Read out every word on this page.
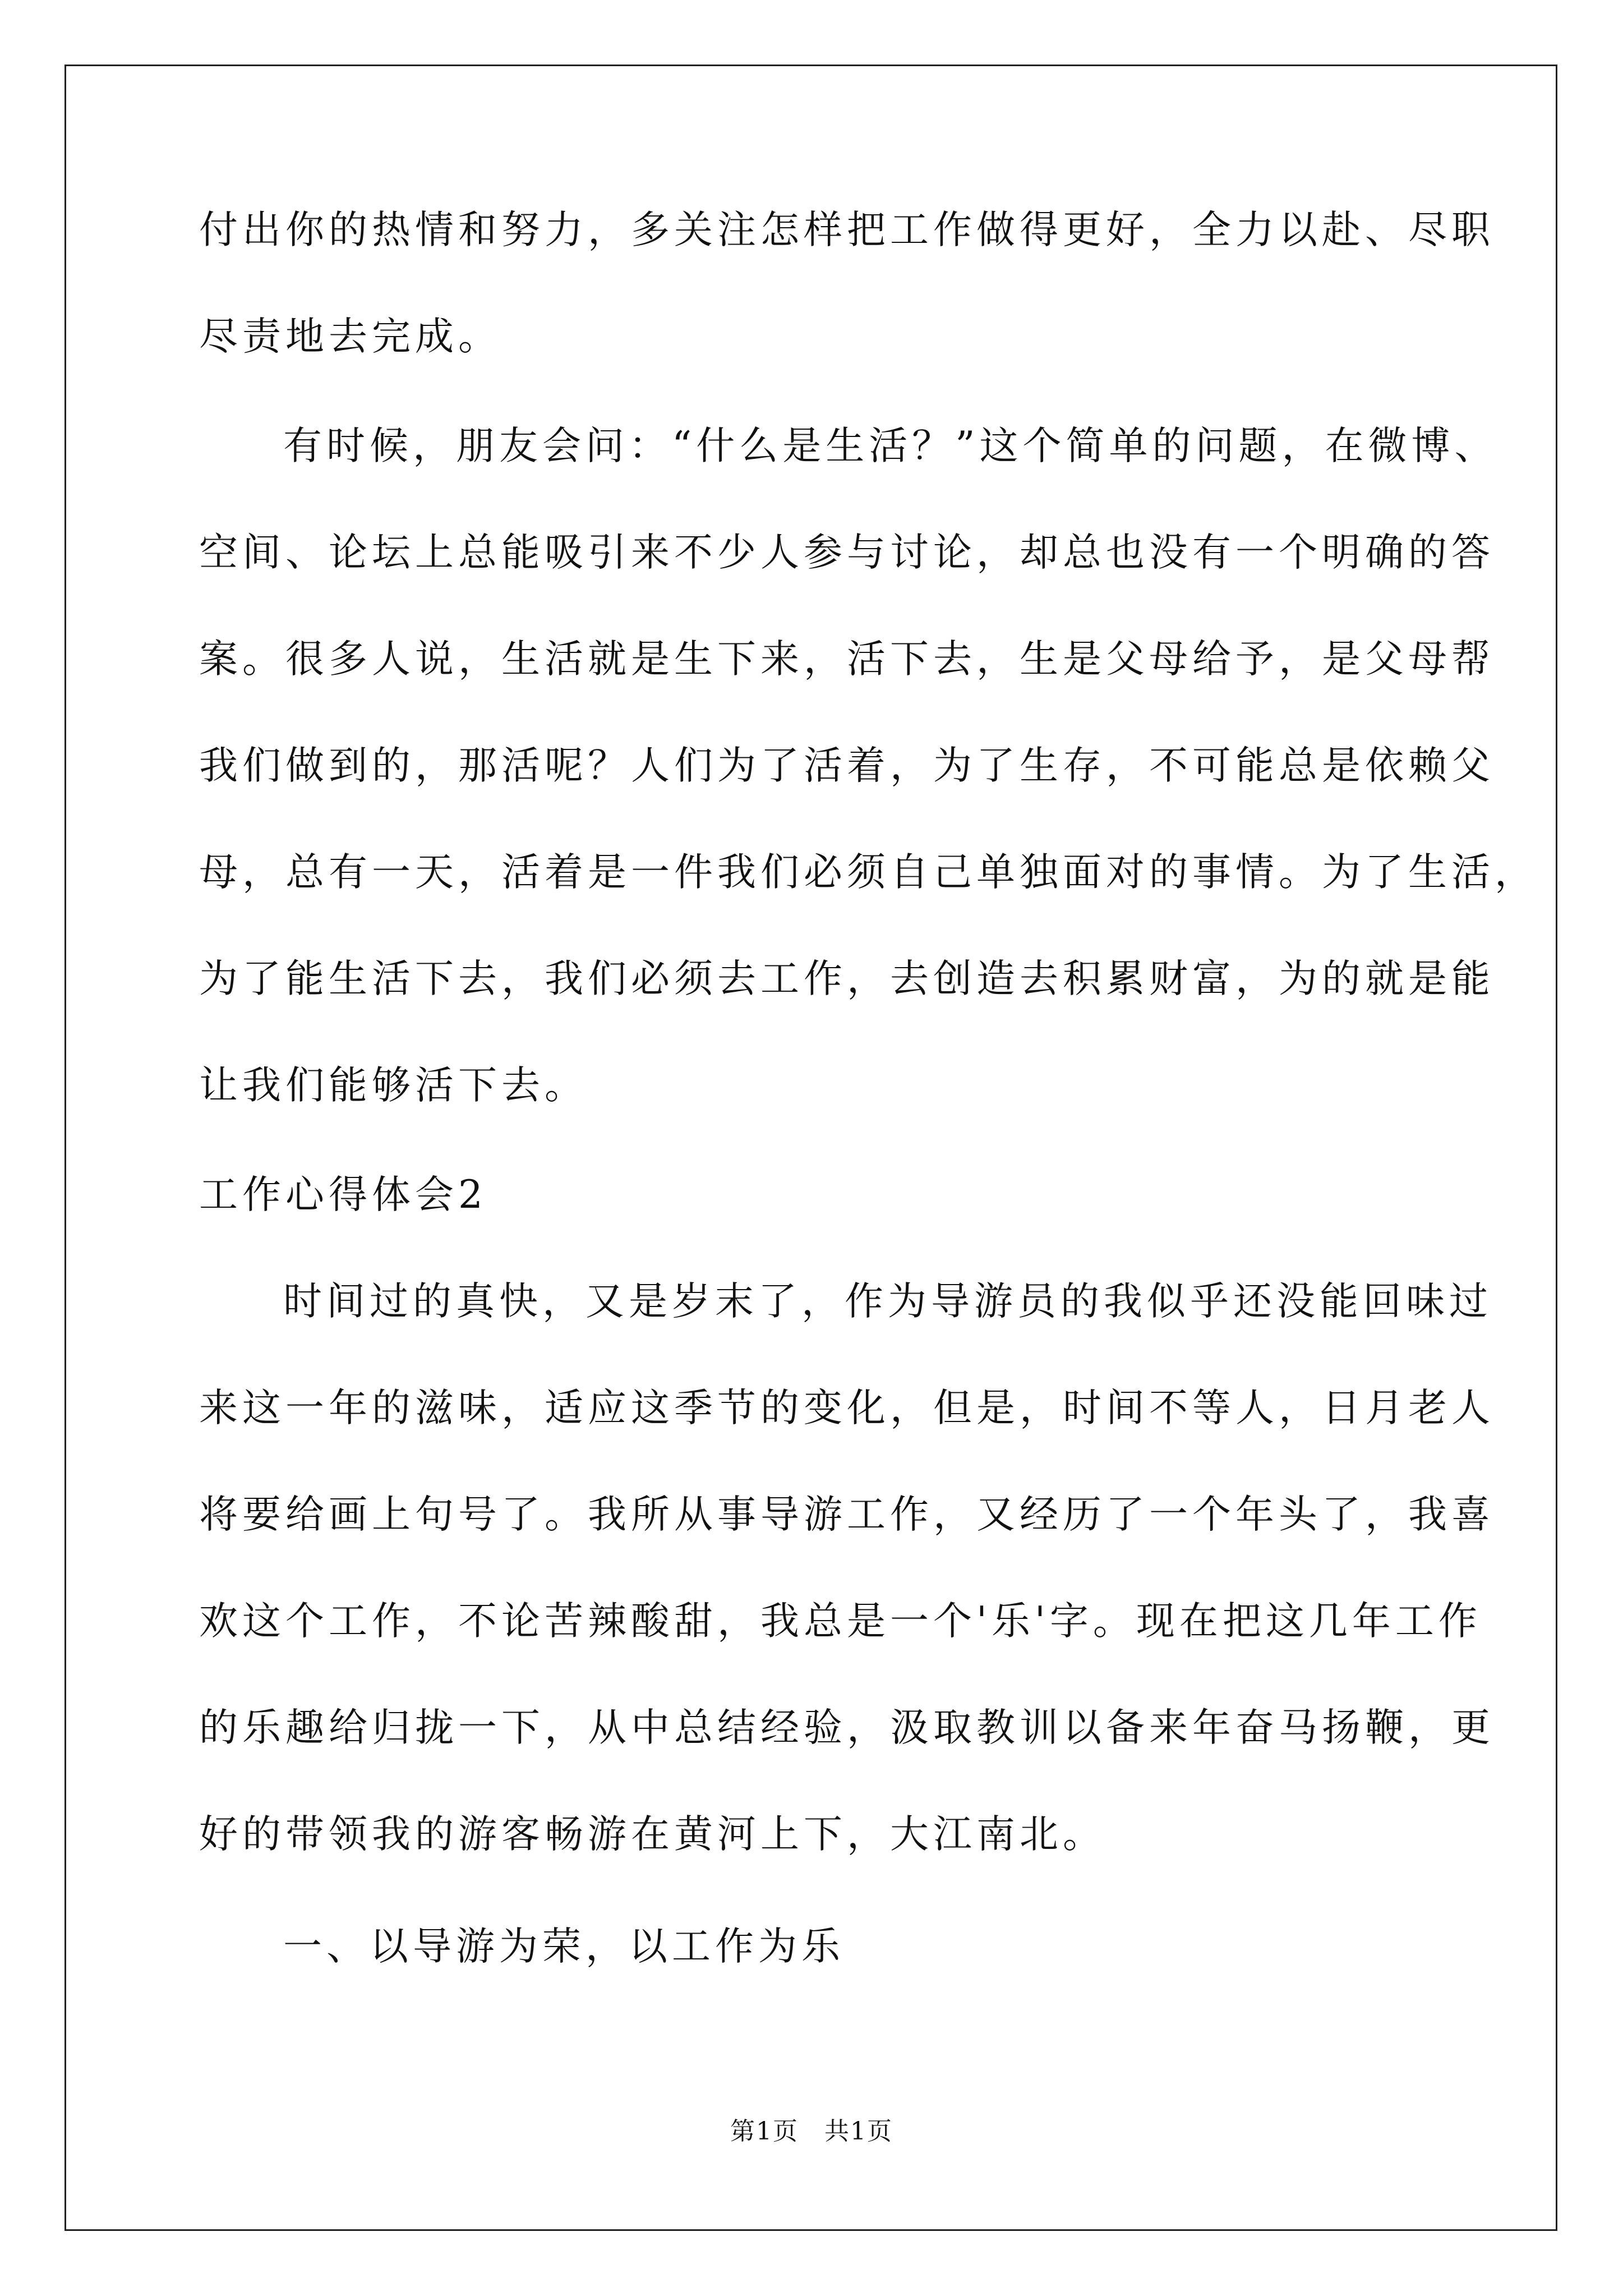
付出你的热情和努力，多关注怎样把工作做得更好，全力以赴、尽职
尽责地去完成。
有时候，朋友会问：“什么是生活？”这个简单的问题，在微博、
空间、论坛上总能吸引来不少人参与讨论，却总也没有一个明确的答
案。很多人说，生活就是生下来，活下去，生是父母给予，是父母帮
我们做到的，那活呢？人们为了活着，为了生存，不可能总是依赖父
母，总有一天，活着是一件我们必须自己单独面对的事情。为了生活，
为了能生活下去，我们必须去工作，去创造去积累财富，为的就是能
让我们能够活下去。
工作心得体会2
时间过的真快，又是岁末了，作为导游员的我似乎还没能回味过
来这一年的滋味，适应这季节的变化，但是，时间不等人，日月老人
将要给画上句号了。我所从事导游工作，又经历了一个年头了，我喜
欢这个工作，不论苦辣酸甜，我总是一个'乐'字。现在把这几年工作
的乐趣给归拢一下，从中总结经验，汲取教训以备来年奋马扬鞭，更
好的带领我的游客畅游在黄河上下，大江南北。
一、以导游为荣，以工作为乐
第1页　共1页
